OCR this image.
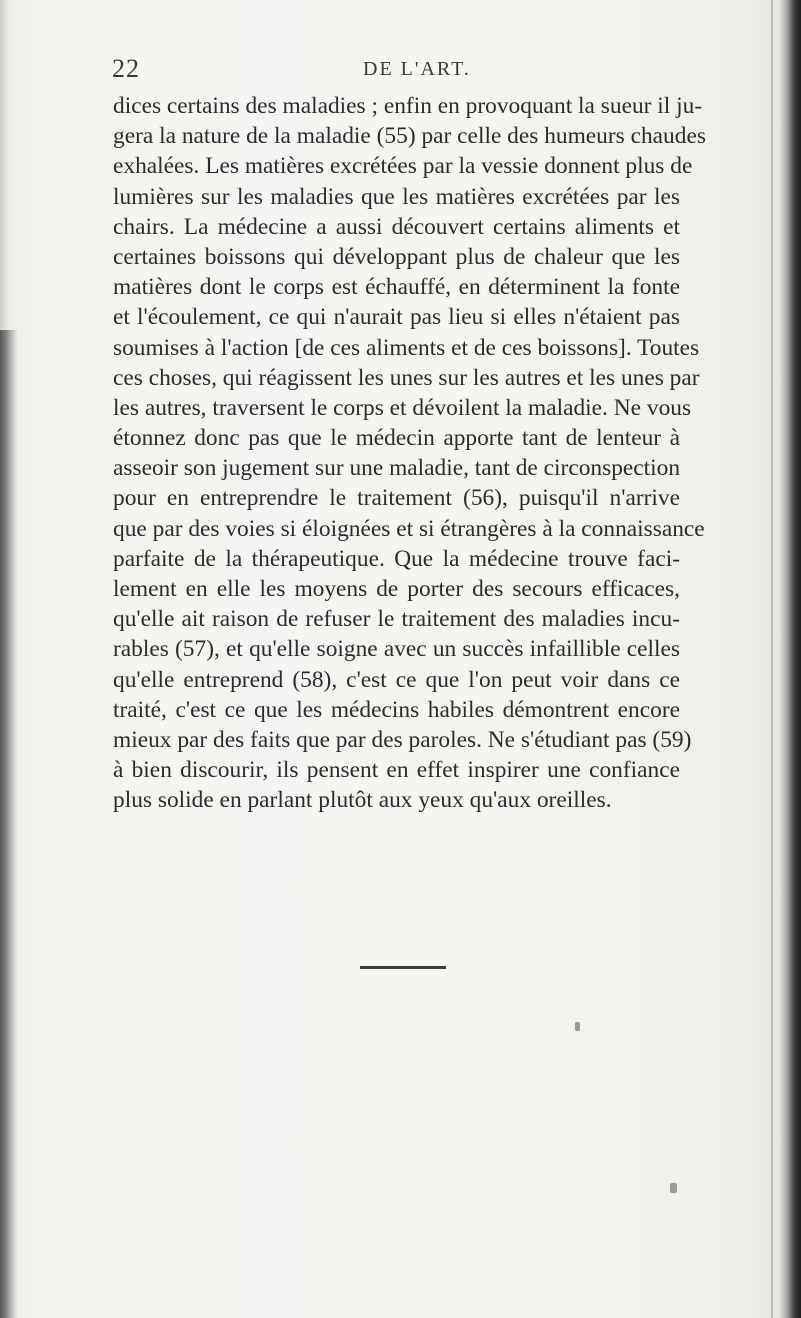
22	DE L'ART.
dices certains des maladies ; enfin en provoquant la sueur il ju-
gera la nature de la maladie (55) par celle des humeurs chaudes
exhalées. Les matières excrétées par la vessie donnent plus de
lumières sur les maladies que les matières excrétées par les
chairs. La médecine a aussi découvert certains aliments et
certaines boissons qui développant plus de chaleur que les
matières dont le corps est échauffé, en déterminent la fonte
et l'écoulement, ce qui n'aurait pas lieu si elles n'étaient pas
soumises à l'action [de ces aliments et de ces boissons]. Toutes
ces choses, qui réagissent les unes sur les autres et les unes par
les autres, traversent le corps et dévoilent la maladie. Ne vous
étonnez donc pas que le médecin apporte tant de lenteur à
asseoir son jugement sur une maladie, tant de circonspection
pour en entreprendre le traitement (56), puisqu'il n'arrive
que par des voies si éloignées et si étrangères à la connaissance
parfaite de la thérapeutique. Que la médecine trouve faci-
lement en elle les moyens de porter des secours efficaces,
qu'elle ait raison de refuser le traitement des maladies incu-
rables (57), et qu'elle soigne avec un succès infaillible celles
qu'elle entreprend (58), c'est ce que l'on peut voir dans ce
traité, c'est ce que les médecins habiles démontrent encore
mieux par des faits que par des paroles. Ne s'étudiant pas (59)
à bien discourir, ils pensent en effet inspirer une confiance
plus solide en parlant plutôt aux yeux qu'aux oreilles.
